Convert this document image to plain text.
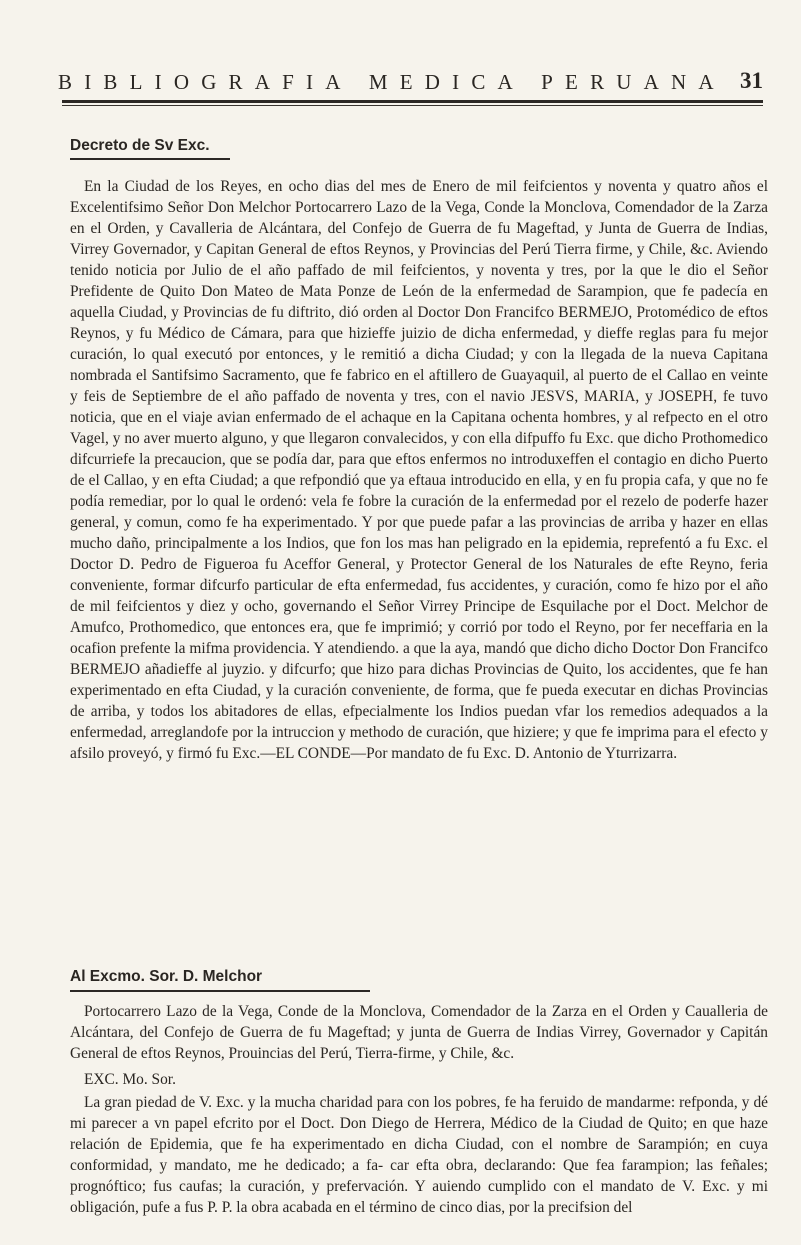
BIBLIOGRAFIA MEDICA PERUANA 31
Decreto de Sv Exc.

En la Ciudad de los Reyes, en ocho dias del mes de Enero de mil feifcientos y noventa y quatro años el Excelentifsimo Señor Don Melchor Portocarrero Lazo de la Vega, Conde la Monclova, Comendador de la Zarza en el Orden, y Cavalleria de Alcántara, del Confejo de Guerra de fu Mageftad, y Junta de Guerra de Indias, Virrey Governador, y Capitan General de eftos Reynos, y Provincias del Perú Tierra firme, y Chile, &c. Aviendo tenido noticia por Julio de el año paffado de mil feifcientos, y noventa y tres, por la que le dio el Señor Prefidente de Quito Don Mateo de Mata Ponze de León de la enfermedad de Sarampion, que fe padecía en aquella Ciudad, y Provincias de fu diftrito, dió orden al Doctor Don Francifco BERMEJO, Protomédico de eftos Reynos, y fu Médico de Cámara, para que hizieffe juizio de dicha enfermedad, y dieffe reglas para fu mejor curación, lo qual executó por entonces, y le remitió a dicha Ciudad; y con la llegada de la nueva Capitana nombrada el Santifsimo Sacramento, que fe fabrico en el aftillero de Guayaquil, al puerto de el Callao en veinte y feis de Septiembre de el año paffado de noventa y tres, con el navio JESVS, MARIA, y JOSEPH, fe tuvo noticia, que en el viaje avian enfermado de el achaque en la Capitana ochenta hombres, y al refpecto en el otro Vagel, y no aver muerto alguno, y que llegaron convalecidos, y con ella difpuffo fu Exc. que dicho Prothomedico difcurriefe la precaucion, que se podía dar, para que eftos enfermos no introduxeffen el contagio en dicho Puerto de el Callao, y en efta Ciudad; a que refpondió que ya eftaua introducido en ella, y en fu propia cafa, y que no fe podía remediar, por lo qual le ordenó: vela fe fobre la curación de la enfermedad por el rezelo de poderfe hazer general, y comun, como fe ha experimentado. Y por que puede pafar a las provincias de arriba y hazer en ellas mucho daño, principalmente a los Indios, que fon los mas han peligrado en la epidemia, reprefentó a fu Exc. el Doctor D. Pedro de Figueroa fu Aceffor General, y Protector General de los Naturales de efte Reyno, feria conveniente, formar difcurfo particular de efta enfermedad, fus accidentes, y curación, como fe hizo por el año de mil feifcientos y diez y ocho, governando el Señor Virrey Principe de Esquilache por el Doct. Melchor de Amufco, Prothomedico, que entonces era, que fe imprimió; y corrió por todo el Reyno, por fer neceffaria en la ocafion prefente la mifma providencia. Y atendiendo. a que la aya, mandó que dicho dicho Doctor Don Francifco BERMEJO añadieffe al juyzio. y difcurfo; que hizo para dichas Provincias de Quito, los accidentes, que fe han experimentado en efta Ciudad, y la curación conveniente, de forma, que fe pueda executar en dichas Provincias de arriba, y todos los abitadores de ellas, efpecialmente los Indios puedan vfar los remedios adequados a la enfermedad, arreglandofe por la intruccion y methodo de curación, que hiziere; y que fe imprima para el efecto y afsilo proveyó, y firmó fu Exc.—EL CONDE—Por mandato de fu Exc. D. Antonio de Yturrizarra.

Al Excmo. Sor. D. Melchor

Portocarrero Lazo de la Vega, Conde de la Monclova, Comendador de la Zarza en el Orden y Caualleria de Alcántara, del Confejo de Guerra de fu Mageftad; y junta de Guerra de Indias Virrey, Governador y Capitán General de eftos Reynos, Prouincias del Perú, Tierra-firme, y Chile, &c.

EXC. Mo. Sor.

La gran piedad de V. Exc. y la mucha charidad para con los pobres, fe ha feruido de mandarme: refponda, y dé mi parecer a vn papel efcrito por el Doct. Don Diego de Herrera, Médico de la Ciudad de Quito; en que haze relación de Epidemia, que fe ha experimentado en dicha Ciudad, con el nombre de Sarampión; en cuya conformidad, y mandato, me he dedicado; a fa- car efta obra, declarando: Que fea farampion; las feñales; prognóftico; fus caufas; la curación, y prefervación. Y auiendo cumplido con el mandato de V. Exc. y mi obligación, pufe a fus P. P. la obra acabada en el término de cinco dias, por la precifsion del
